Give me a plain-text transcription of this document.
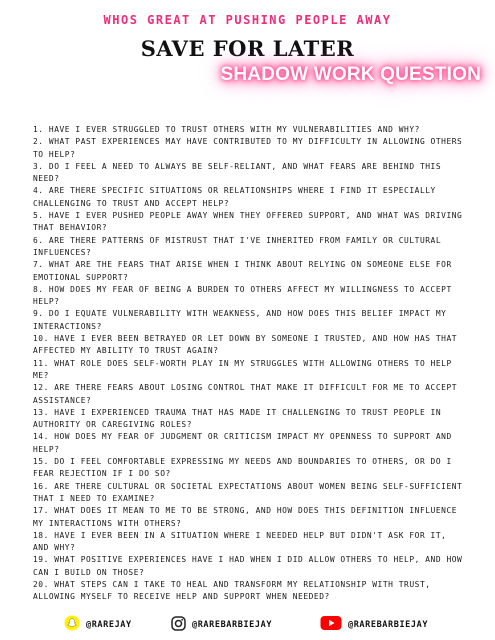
WHOS GREAT AT PUSHING PEOPLE AWAY
SAVE FOR LATER
SHADOW WORK QUESTION
1. HAVE I EVER STRUGGLED TO TRUST OTHERS WITH MY VULNERABILITIES AND WHY?
2. WHAT PAST EXPERIENCES MAY HAVE CONTRIBUTED TO MY DIFFICULTY IN ALLOWING OTHERS TO HELP?
3. DO I FEEL A NEED TO ALWAYS BE SELF-RELIANT, AND WHAT FEARS ARE BEHIND THIS NEED?
4. ARE THERE SPECIFIC SITUATIONS OR RELATIONSHIPS WHERE I FIND IT ESPECIALLY CHALLENGING TO TRUST AND ACCEPT HELP?
5. HAVE I EVER PUSHED PEOPLE AWAY WHEN THEY OFFERED SUPPORT, AND WHAT WAS DRIVING THAT BEHAVIOR?
6. ARE THERE PATTERNS OF MISTRUST THAT I'VE INHERITED FROM FAMILY OR CULTURAL INFLUENCES?
7. WHAT ARE THE FEARS THAT ARISE WHEN I THINK ABOUT RELYING ON SOMEONE ELSE FOR EMOTIONAL SUPPORT?
8. HOW DOES MY FEAR OF BEING A BURDEN TO OTHERS AFFECT MY WILLINGNESS TO ACCEPT HELP?
9. DO I EQUATE VULNERABILITY WITH WEAKNESS, AND HOW DOES THIS BELIEF IMPACT MY INTERACTIONS?
10. HAVE I EVER BEEN BETRAYED OR LET DOWN BY SOMEONE I TRUSTED, AND HOW HAS THAT AFFECTED MY ABILITY TO TRUST AGAIN?
11. WHAT ROLE DOES SELF-WORTH PLAY IN MY STRUGGLES WITH ALLOWING OTHERS TO HELP ME?
12. ARE THERE FEARS ABOUT LOSING CONTROL THAT MAKE IT DIFFICULT FOR ME TO ACCEPT ASSISTANCE?
13. HAVE I EXPERIENCED TRAUMA THAT HAS MADE IT CHALLENGING TO TRUST PEOPLE IN AUTHORITY OR CAREGIVING ROLES?
14. HOW DOES MY FEAR OF JUDGMENT OR CRITICISM IMPACT MY OPENNESS TO SUPPORT AND HELP?
15. DO I FEEL COMFORTABLE EXPRESSING MY NEEDS AND BOUNDARIES TO OTHERS, OR DO I FEAR REJECTION IF I DO SO?
16. ARE THERE CULTURAL OR SOCIETAL EXPECTATIONS ABOUT WOMEN BEING SELF-SUFFICIENT THAT I NEED TO EXAMINE?
17. WHAT DOES IT MEAN TO ME TO BE STRONG, AND HOW DOES THIS DEFINITION INFLUENCE MY INTERACTIONS WITH OTHERS?
18. HAVE I EVER BEEN IN A SITUATION WHERE I NEEDED HELP BUT DIDN'T ASK FOR IT, AND WHY?
19. WHAT POSITIVE EXPERIENCES HAVE I HAD WHEN I DID ALLOW OTHERS TO HELP, AND HOW CAN I BUILD ON THOSE?
20. WHAT STEPS CAN I TAKE TO HEAL AND TRANSFORM MY RELATIONSHIP WITH TRUST, ALLOWING MYSELF TO RECEIVE HELP AND SUPPORT WHEN NEEDED?
@RAREJAY	@RAREBARBIEJAY	@RAREBARBIEJAY
